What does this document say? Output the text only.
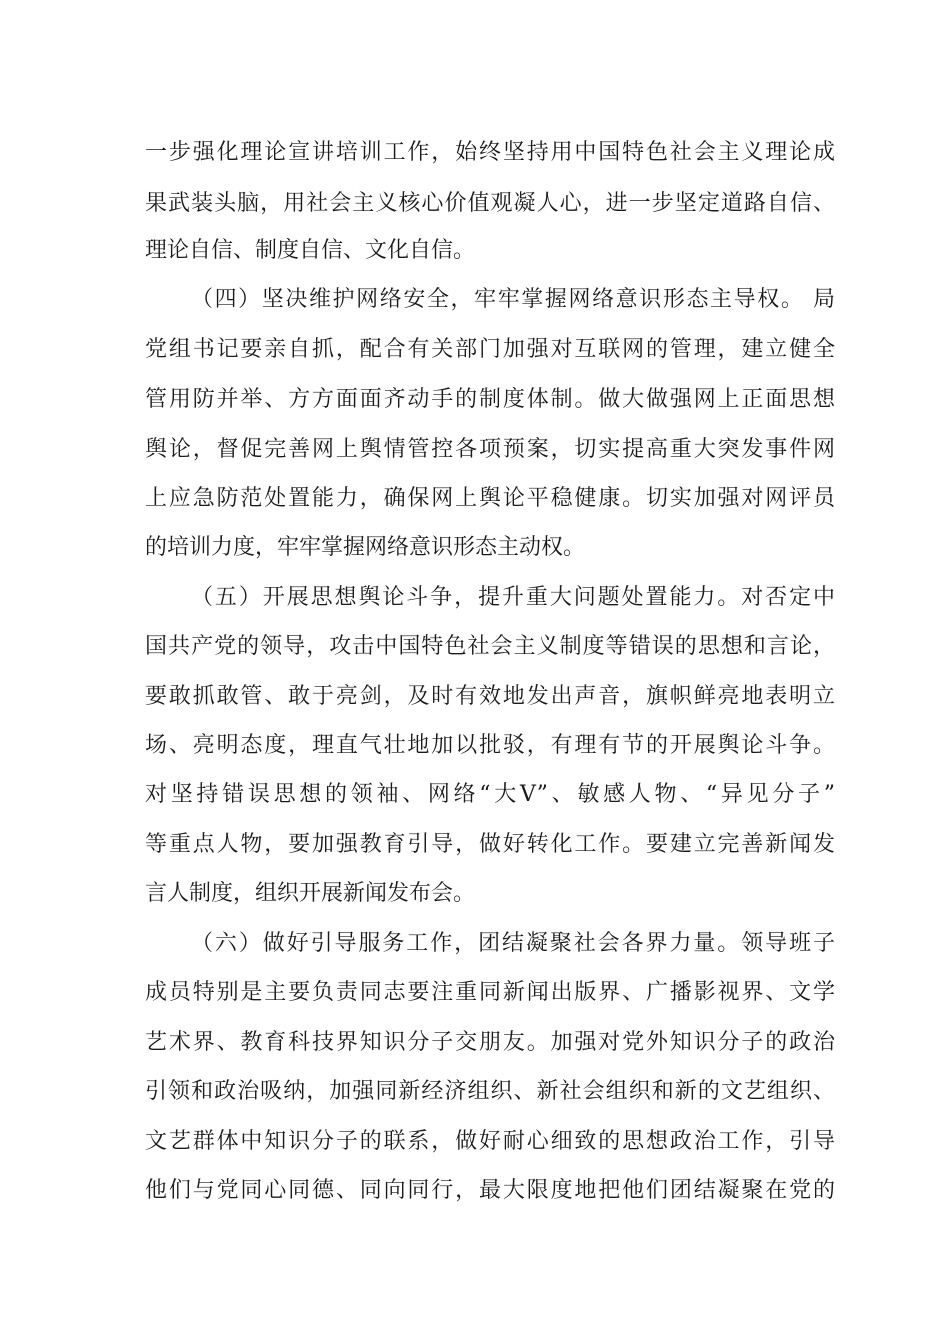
一步强化理论宣讲培训工作，始终坚持用中国特色社会主义理论成
果武装头脑，用社会主义核心价值观凝人心，进一步坚定道路自信、
理论自信、制度自信、文化自信。
（四）坚决维护网络安全，牢牢掌握网络意识形态主导权。 局
党组书记要亲自抓，配合有关部门加强对互联网的管理，建立健全
管用防并举、方方面面齐动手的制度体制。做大做强网上正面思想
舆论，督促完善网上舆情管控各项预案，切实提高重大突发事件网
上应急防范处置能力，确保网上舆论平稳健康。切实加强对网评员
的培训力度，牢牢掌握网络意识形态主动权。
（五）开展思想舆论斗争，提升重大问题处置能力。对否定中
国共产党的领导，攻击中国特色社会主义制度等错误的思想和言论，
要敢抓敢管、敢于亮剑，及时有效地发出声音，旗帜鲜亮地表明立
场、亮明态度，理直气壮地加以批驳，有理有节的开展舆论斗争。
对坚持错误思想的领袖、网络“大V”、敏感人物、“异见分子”
等重点人物，要加强教育引导，做好转化工作。要建立完善新闻发
言人制度，组织开展新闻发布会。
（六）做好引导服务工作，团结凝聚社会各界力量。领导班子
成员特别是主要负责同志要注重同新闻出版界、广播影视界、文学
艺术界、教育科技界知识分子交朋友。加强对党外知识分子的政治
引领和政治吸纳，加强同新经济组织、新社会组织和新的文艺组织、
文艺群体中知识分子的联系，做好耐心细致的思想政治工作，引导
他们与党同心同德、同向同行，最大限度地把他们团结凝聚在党的
